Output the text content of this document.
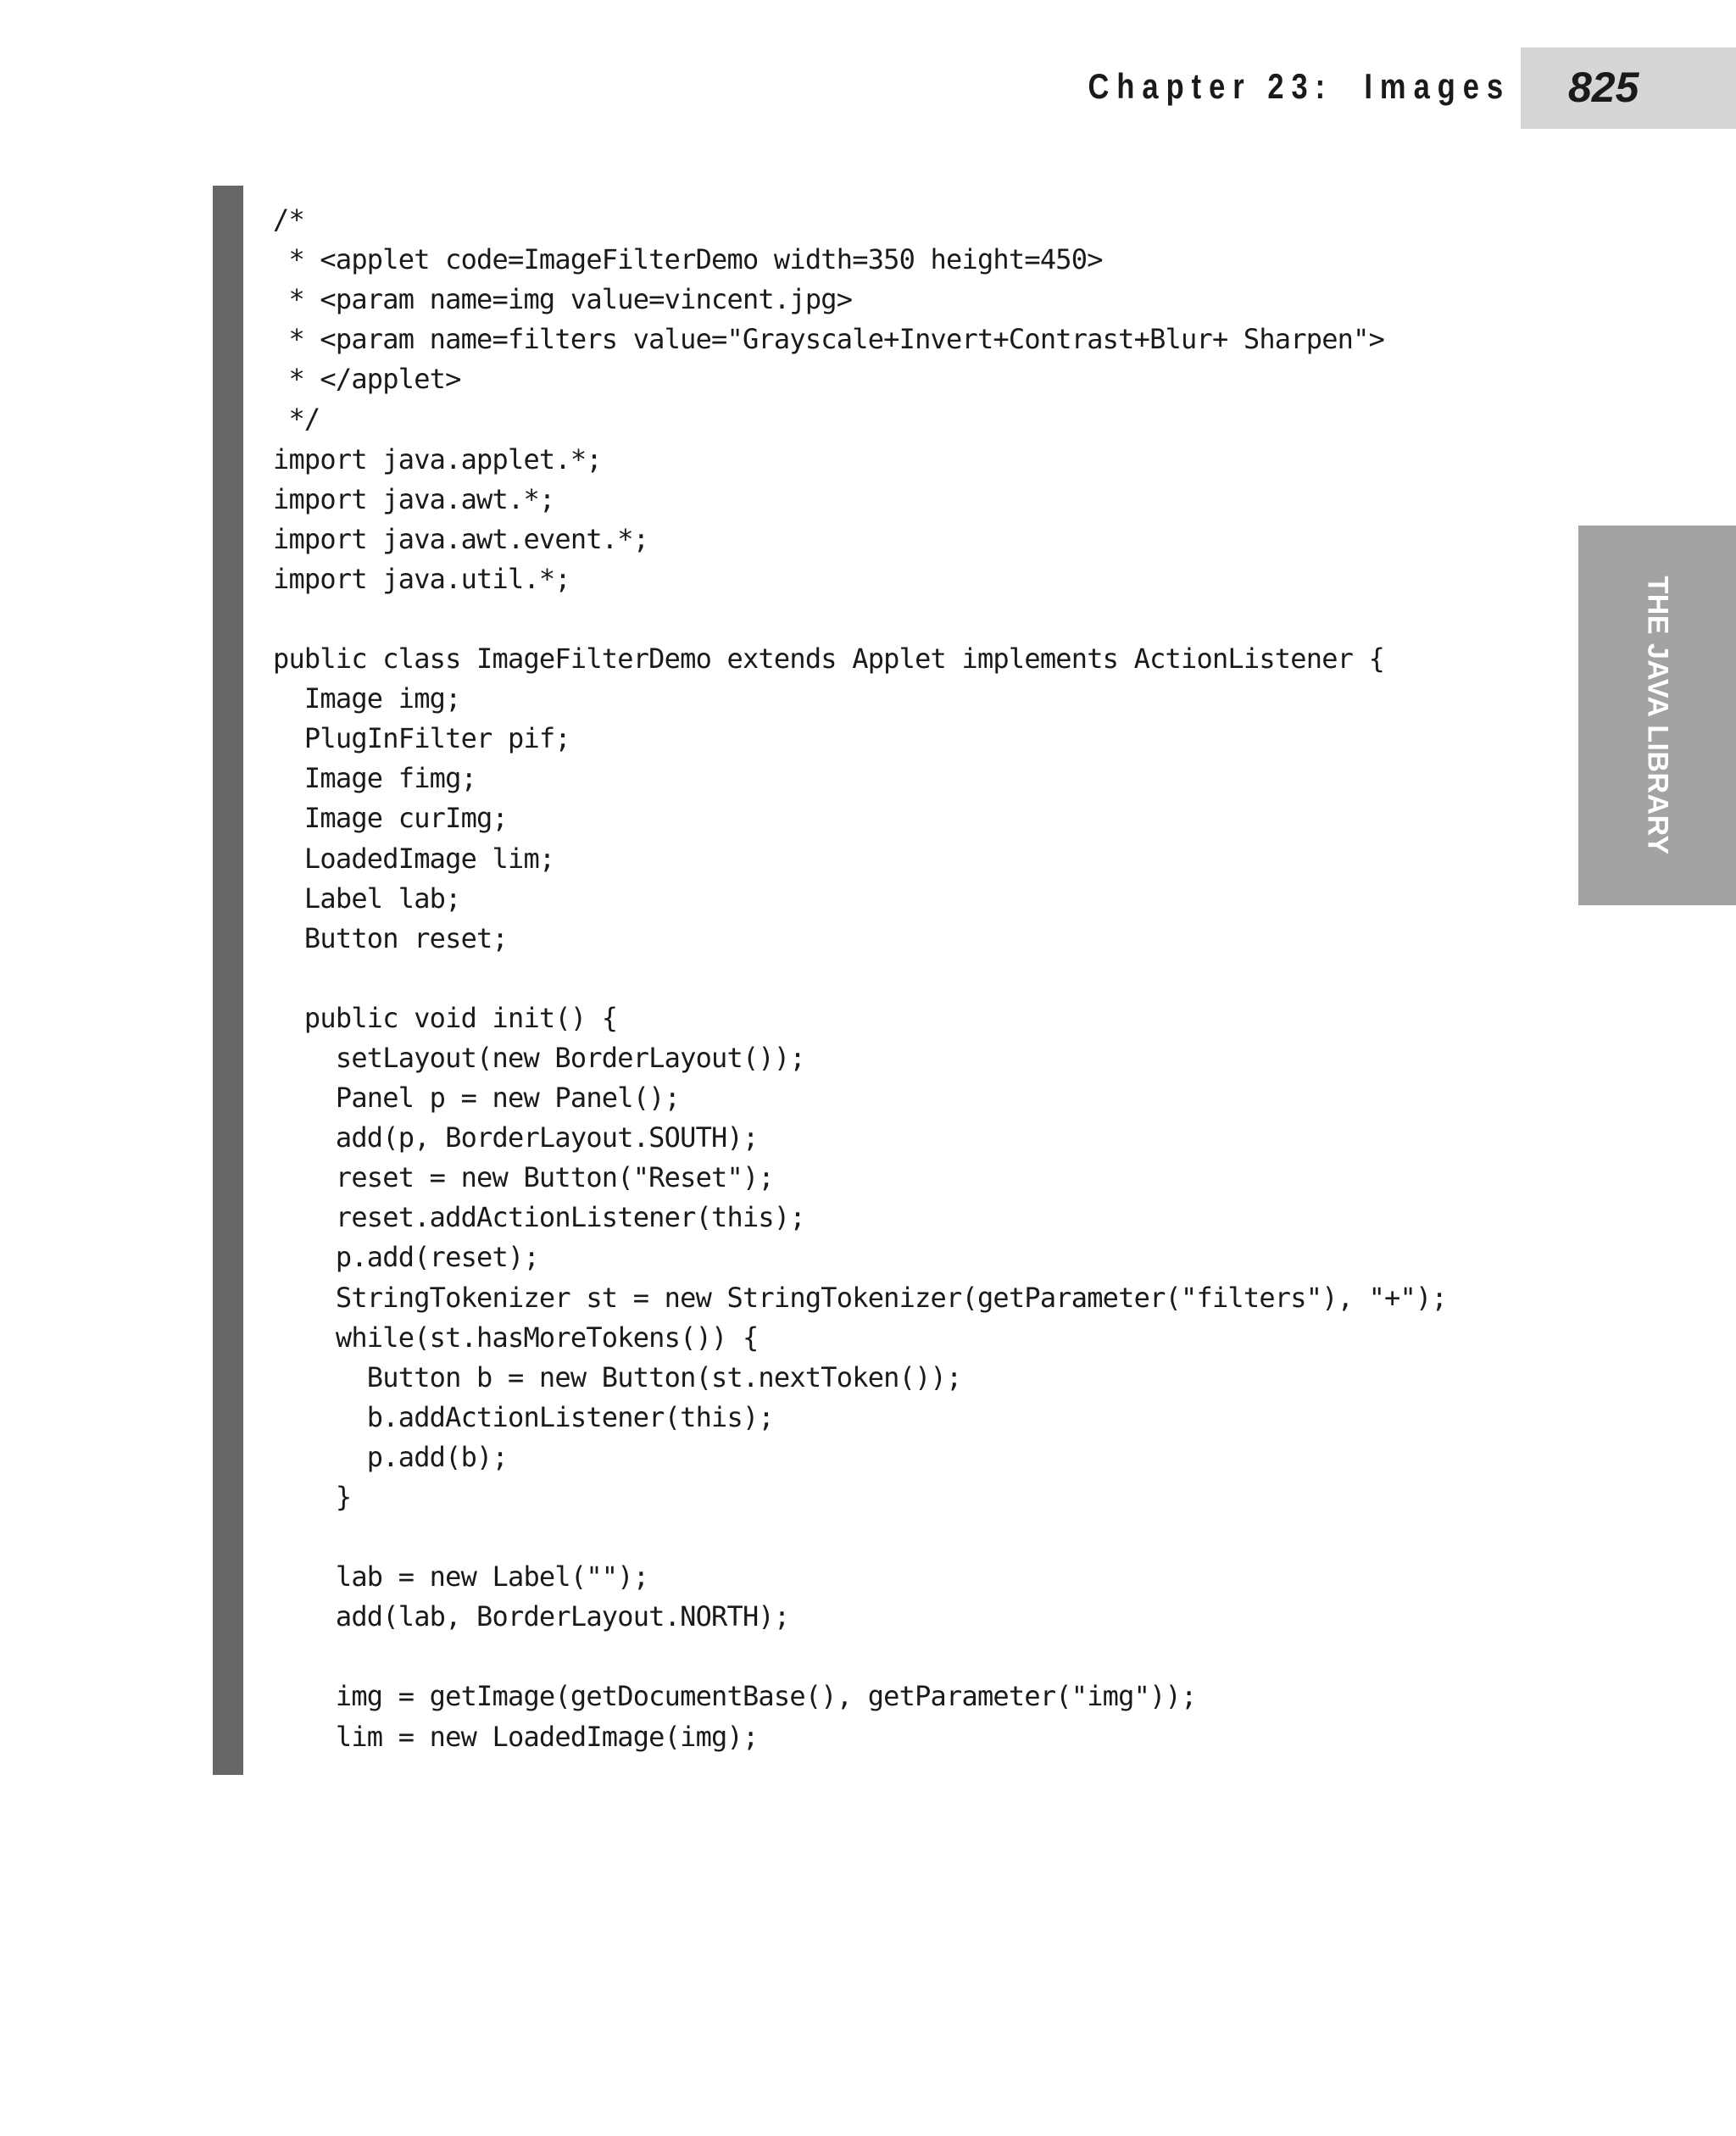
Chapter 23:  Images 825
THE JAVA LIBRARY
/*
* <applet code=ImageFilterDemo width=350 height=450>
* <param name=img value=vincent.jpg>
* <param name=filters value="Grayscale+Invert+Contrast+Blur+ Sharpen">
* </applet>
*/
import java.applet.*;
import java.awt.*;
import java.awt.event.*;
import java.util.*;
public class ImageFilterDemo extends Applet implements ActionListener {
Image img;
PlugInFilter pif;
Image fimg;
Image curImg;
LoadedImage lim;
Label lab;
Button reset;
public void init() {
setLayout(new BorderLayout());
Panel p = new Panel();
add(p, BorderLayout.SOUTH);
reset = new Button("Reset");
reset.addActionListener(this);
p.add(reset);
StringTokenizer st = new StringTokenizer(getParameter("filters"), "+");
while(st.hasMoreTokens()) {
Button b = new Button(st.nextToken());
b.addActionListener(this);
p.add(b);
}
lab = new Label("");
add(lab, BorderLayout.NORTH);
img = getImage(getDocumentBase(), getParameter("img"));
lim = new LoadedImage(img);
